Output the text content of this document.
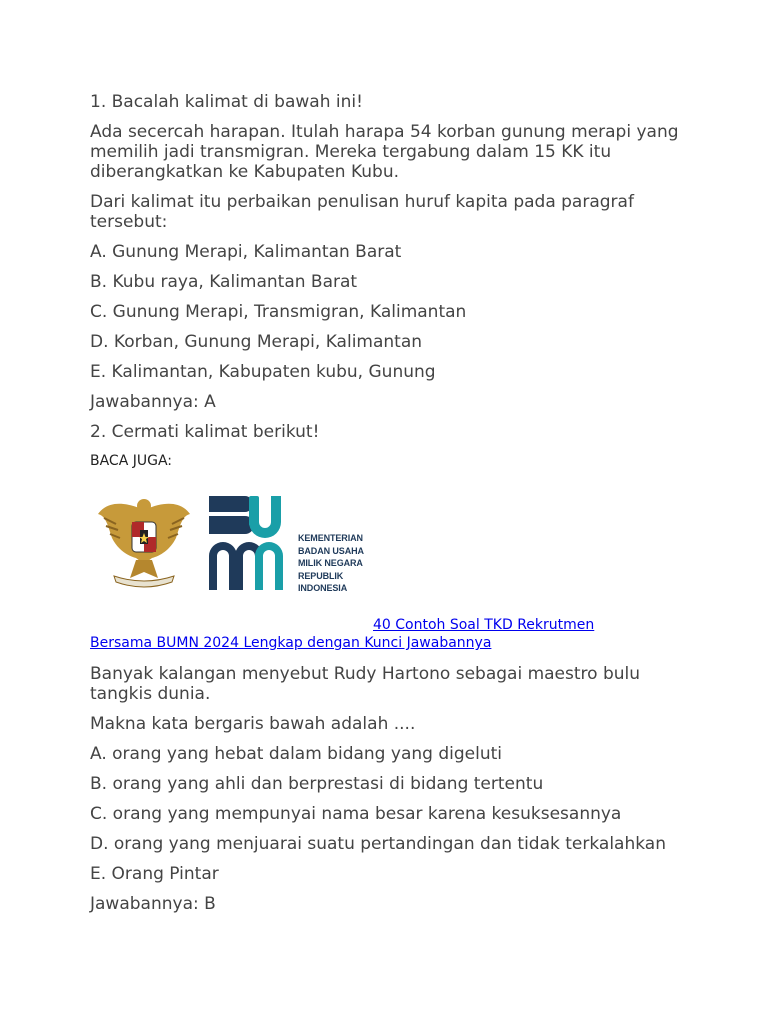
1. Bacalah kalimat di bawah ini!

Ada secercah harapan. Itulah harapa 54 korban gunung merapi yang memilih jadi transmigran. Mereka tergabung dalam 15 KK itu diberangkatkan ke Kabupaten Kubu.

Dari kalimat itu perbaikan penulisan huruf kapita pada paragraf tersebut:

A. Gunung Merapi, Kalimantan Barat

B. Kubu raya, Kalimantan Barat

C. Gunung Merapi, Transmigran, Kalimantan

D. Korban, Gunung Merapi, Kalimantan

E. Kalimantan, Kabupaten kubu, Gunung

Jawabannya: A

2. Cermati kalimat berikut!

BACA JUGA:

KEMENTERIAN
BADAN USAHA
MILIK NEGARA
REPUBLIK
INDONESIA
40 Contoh Soal TKD Rekrutmen
Bersama BUMN 2024 Lengkap dengan Kunci Jawabannya

Banyak kalangan menyebut Rudy Hartono sebagai maestro bulu tangkis dunia.

Makna kata bergaris bawah adalah ....

A. orang yang hebat dalam bidang yang digeluti

B. orang yang ahli dan berprestasi di bidang tertentu

C. orang yang mempunyai nama besar karena kesuksesannya

D. orang yang menjuarai suatu pertandingan dan tidak terkalahkan

E. Orang Pintar

Jawabannya: B
